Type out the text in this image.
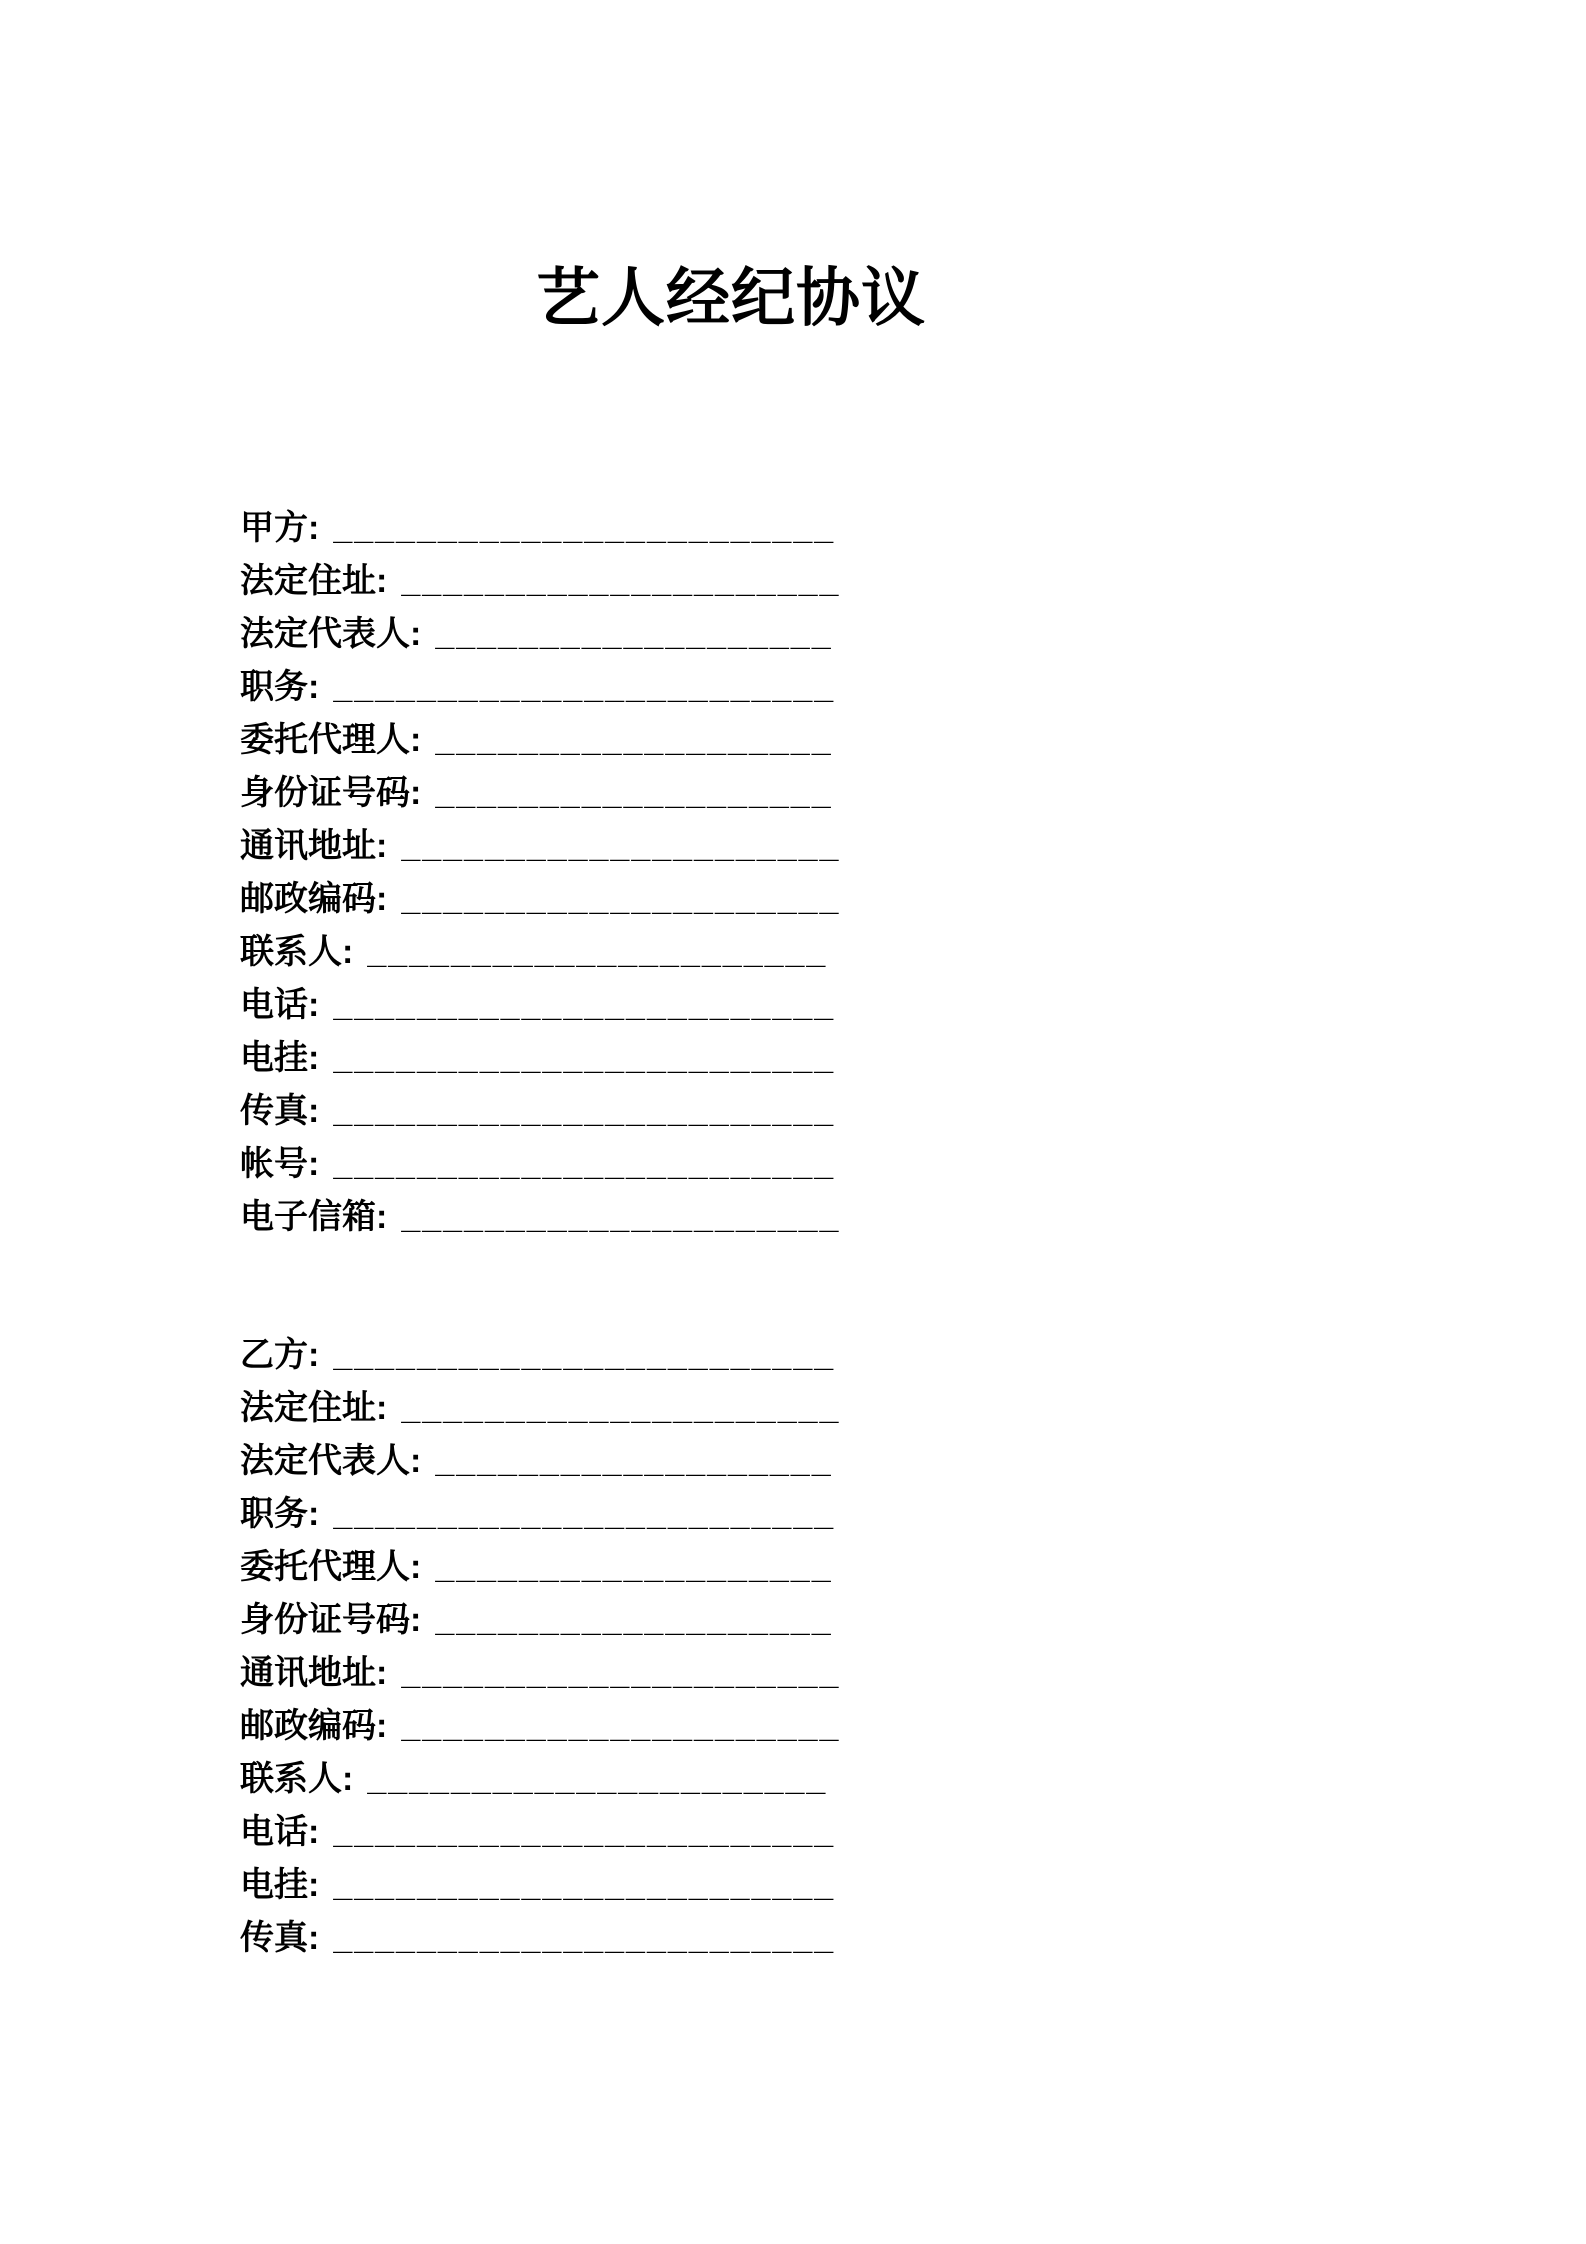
艺人经纪协议
甲方: ________________________
法定住址: _____________________
法定代表人: ___________________
职务: ________________________
委托代理人: ___________________
身份证号码: ___________________
通讯地址: _____________________
邮政编码: _____________________
联系人: ______________________
电话: ________________________
电挂: ________________________
传真: ________________________
帐号: ________________________
电子信箱: _____________________
乙方: ________________________
法定住址: _____________________
法定代表人: ___________________
职务: ________________________
委托代理人: ___________________
身份证号码: ___________________
通讯地址: _____________________
邮政编码: _____________________
联系人: ______________________
电话: ________________________
电挂: ________________________
传真: ________________________
